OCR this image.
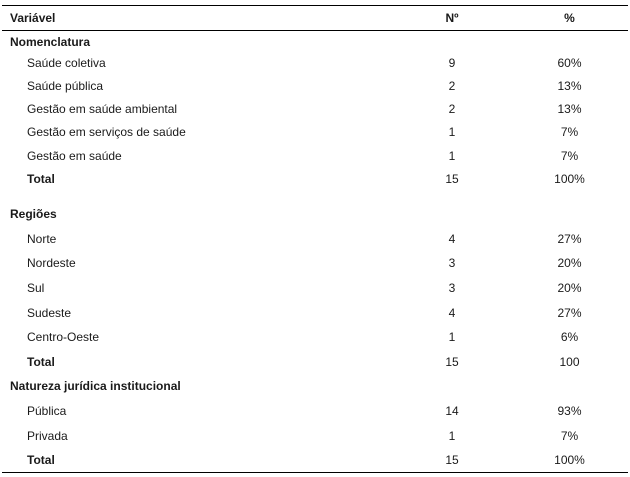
Variável	Nº	%
Nomenclatura
Saúde coletiva	9	60%
Saúde pública	2	13%
Gestão em saúde ambiental	2	13%
Gestão em serviços de saúde	1	7%
Gestão em saúde	1	7%
Total	15	100%
Regiões
Norte	4	27%
Nordeste	3	20%
Sul	3	20%
Sudeste	4	27%
Centro-Oeste	1	6%
Total	15	100
Natureza jurídica institucional
Pública	14	93%
Privada	1	7%
Total	15	100%
